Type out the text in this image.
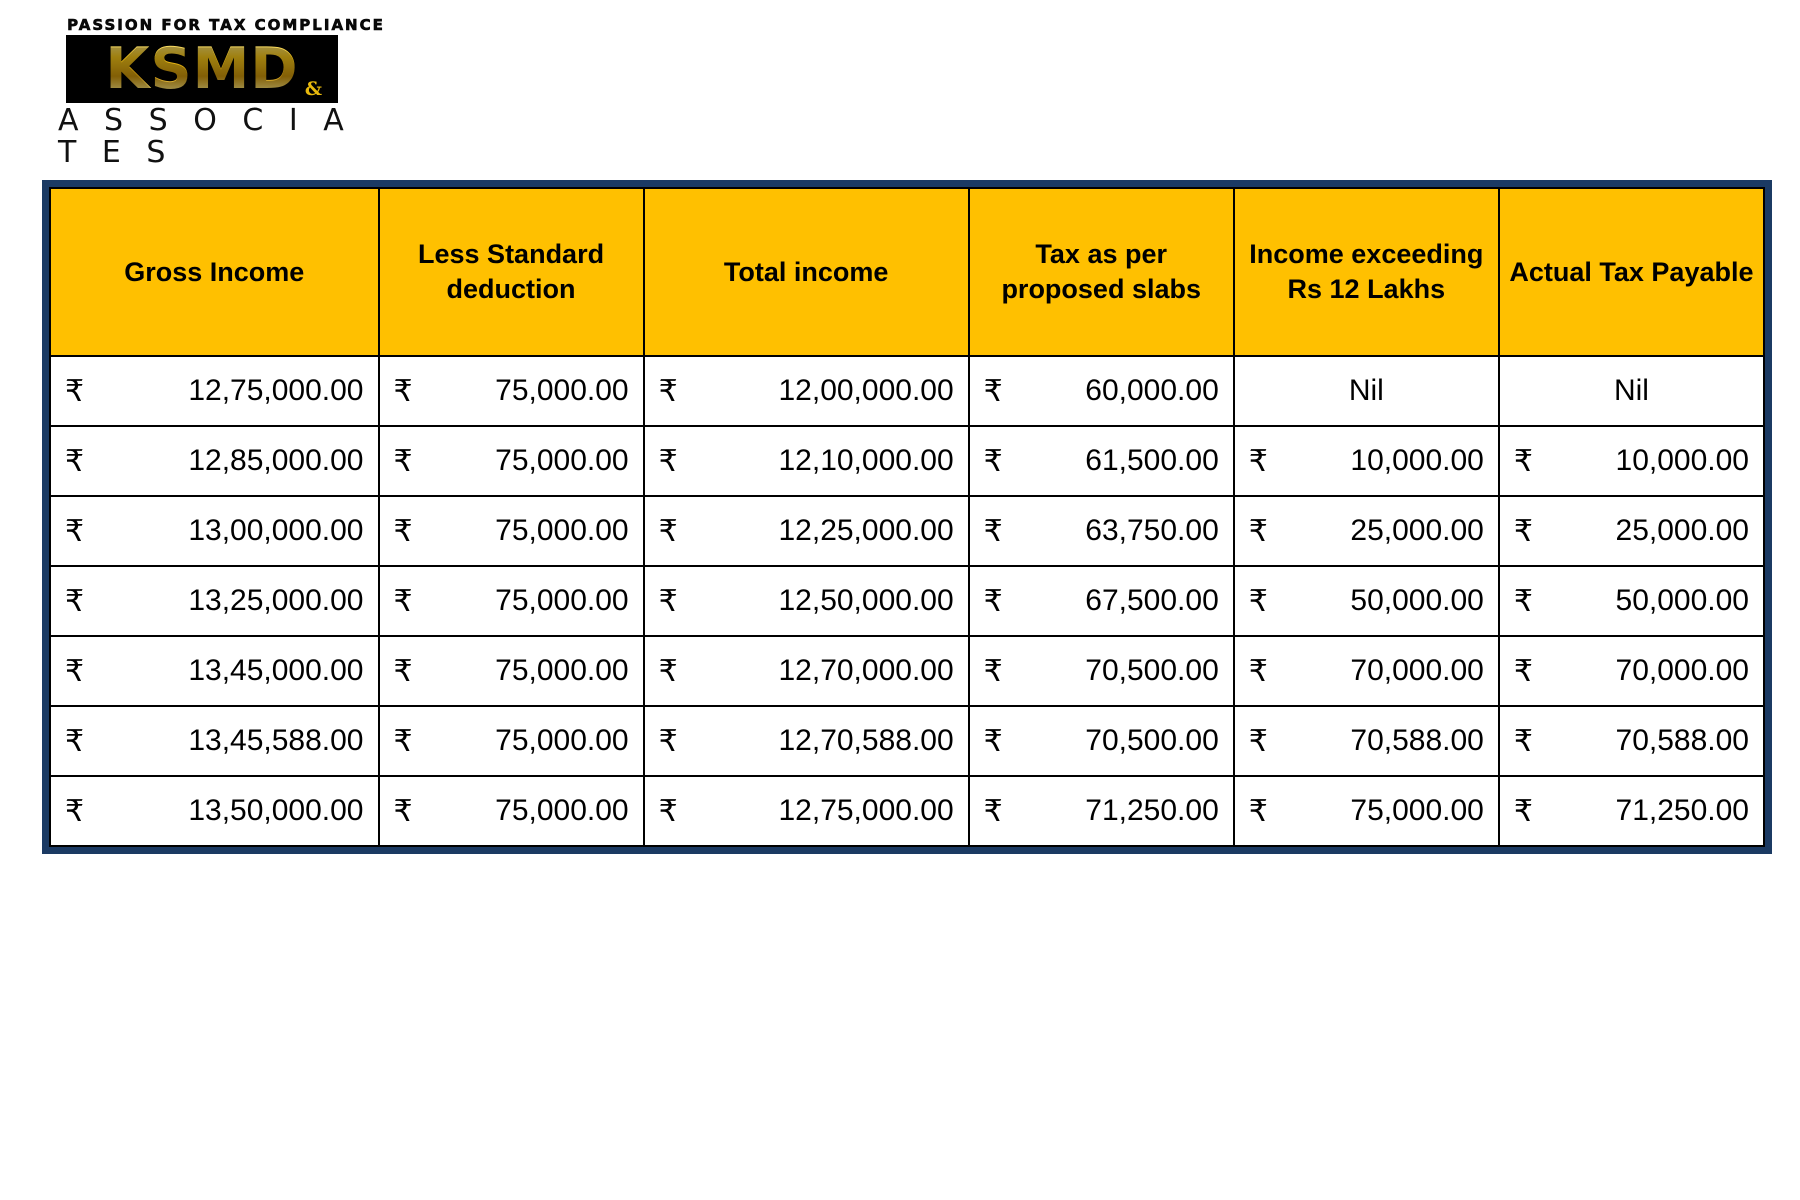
PASSION FOR TAX COMPLIANCE
KSMD &
A S S O C I A T E S
Gross Income	Less Standard deduction	Total income	Tax as per proposed slabs	Income exceeding Rs 12 Lakhs	Actual Tax Payable
₹ 12,75,000.00	₹ 75,000.00	₹ 12,00,000.00	₹ 60,000.00	Nil	Nil
₹ 12,85,000.00	₹ 75,000.00	₹ 12,10,000.00	₹ 61,500.00	₹ 10,000.00	₹ 10,000.00

₹ 13,00,000.00	₹ 75,000.00	₹ 12,25,000.00	₹ 63,750.00	₹ 25,000.00	₹ 25,000.00

₹ 13,25,000.00	₹ 75,000.00	₹ 12,50,000.00	₹ 67,500.00	₹ 50,000.00	₹ 50,000.00

₹ 13,45,000.00	₹ 75,000.00	₹ 12,70,000.00	₹ 70,500.00	₹ 70,000.00	₹ 70,000.00

₹ 13,45,588.00	₹ 75,000.00	₹ 12,70,588.00	₹ 70,500.00	₹ 70,588.00	₹ 70,588.00

₹ 13,50,000.00	₹ 75,000.00	₹ 12,75,000.00	₹ 71,250.00	₹ 75,000.00	₹ 71,250.00
